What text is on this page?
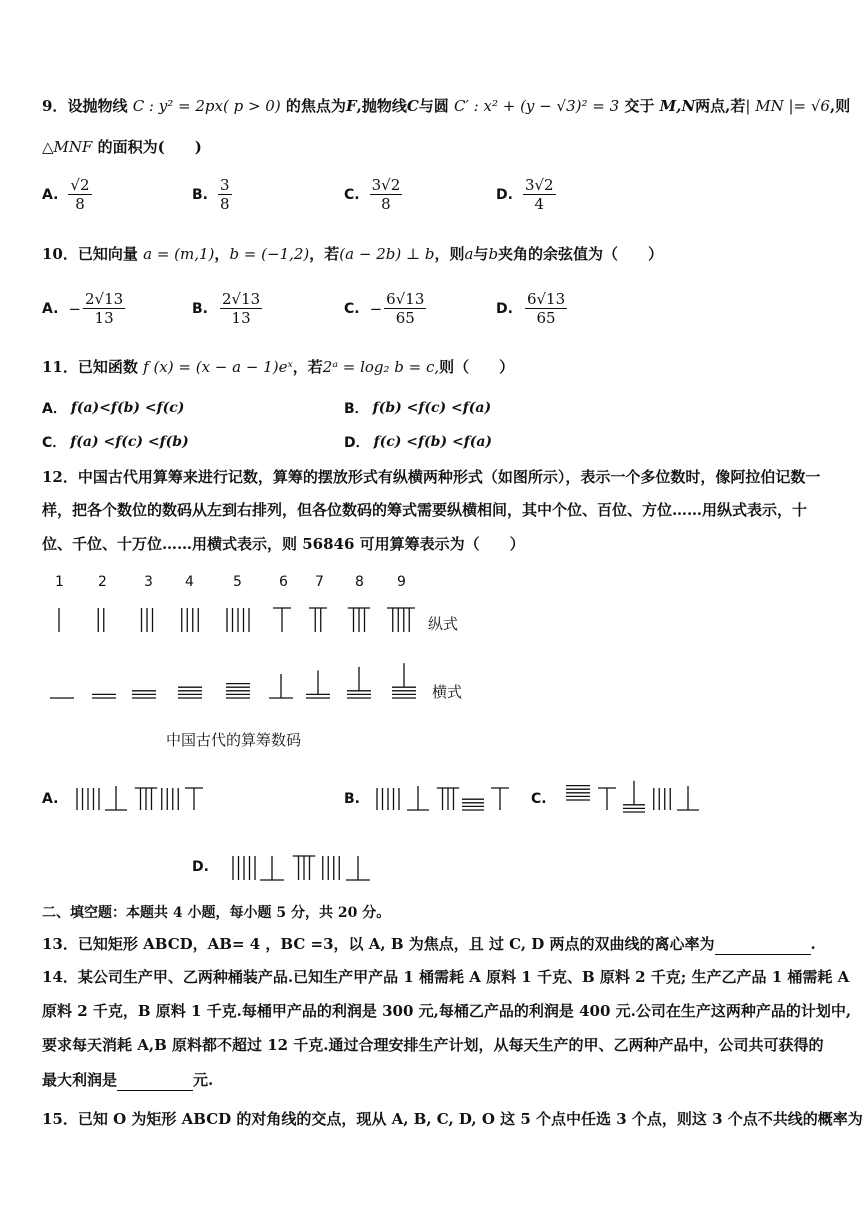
9．设抛物线 C : y² = 2px( p > 0) 的焦点为F,抛物线C与圆 C′ : x² + (y − √3)² = 3 交于 M,N两点,若| MN |= √6,则
△MNF 的面积为(　　)
A. $\frac{√2}{8}$	B. $\frac{3}{8}$	C. $\frac{3√2}{8}$	D. $\frac{3√2}{4}$
10．已知向量 a = (m,1)，b = (−1,2)，若(a − 2b) ⊥ b，则a与b夹角的余弦值为（　　）
A. − $\frac{2√13}{13}$	B. $\frac{2√13}{13}$	C. − $\frac{6√13}{65}$	D. $\frac{6√13}{65}$
11．已知函数 f (x) = (x − a − 1)eˣ，若2ᵃ = log₂ b = c,则（　　）
A． f(a)<f(b) <f(c)	B． f(b) <f(c) <f(a)
C． f(a) <f(c) <f(b)	D． f(c) <f(b) <f(a)
12．中国古代用算筹来进行记数，算筹的摆放形式有纵横两种形式（如图所示），表示一个多位数时，像阿拉伯记数一
样，把各个数位的数码从左到右排列，但各位数码的筹式需要纵横相间，其中个位、百位、方位……用纵式表示，十
位、千位、十万位……用横式表示，则 56846 可用算筹表示为（　　）
1 2	3 4	5	6 7 8 9
纵式
横式
中国古代的算筹数码
A.	B.	C.
D.
二、填空题：本题共 4 小题，每小题 5 分，共 20 分。
13．已知矩形 ABCD，AB= 4 ，BC =3，以 A, B 为焦点，且 过 C, D 两点的双曲线的离心率为	.
14．某公司生产甲、乙两种桶装产品.已知生产甲产品 1 桶需耗 A 原料 1 千克、B 原料 2 千克; 生产乙产品 1 桶需耗 A
原料 2 千克，B 原料 1 千克.每桶甲产品的利润是 300 元,每桶乙产品的利润是 400 元.公司在生产这两种产品的计划中,
要求每天消耗 A,B 原料都不超过 12 千克.通过合理安排生产计划，从每天生产的甲、乙两种产品中，公司共可获得的
最大利润是	元.
15．已知 O 为矩形 ABCD 的对角线的交点，现从 A, B, C, D, O 这 5 个点中任选 3 个点，则这 3 个点不共线的概率为
